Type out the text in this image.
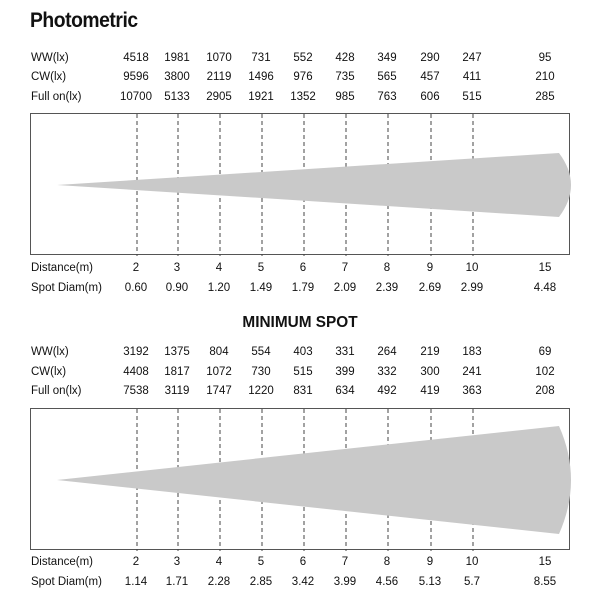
Photometric
MINIMUM SPOT
WW(lx)	4518	1981	1070	731	552	428	349	290	247	95
CW(lx)	9596	3800	2119	1496	976	735	565	457	411	210
Full on(lx)	10700	5133	2905	1921	1352	985	763	606	515	285
Distance(m)	2	3	4	5	6	7	8	9	10	15
Spot Diam(m)	0.60	0.90	1.20	1.49	1.79	2.09	2.39	2.69	2.99	4.48
WW(lx)	3192	1375	804	554	403	331	264	219	183	69
CW(lx)	4408	1817	1072	730	515	399	332	300	241	102
Full on(lx)	7538	3119	1747	1220	831	634	492	419	363	208
Distance(m)	2	3	4	5	6	7	8	9	10	15
Spot Diam(m)	1.14	1.71	2.28	2.85	3.42	3.99	4.56	5.13	5.7	8.55
